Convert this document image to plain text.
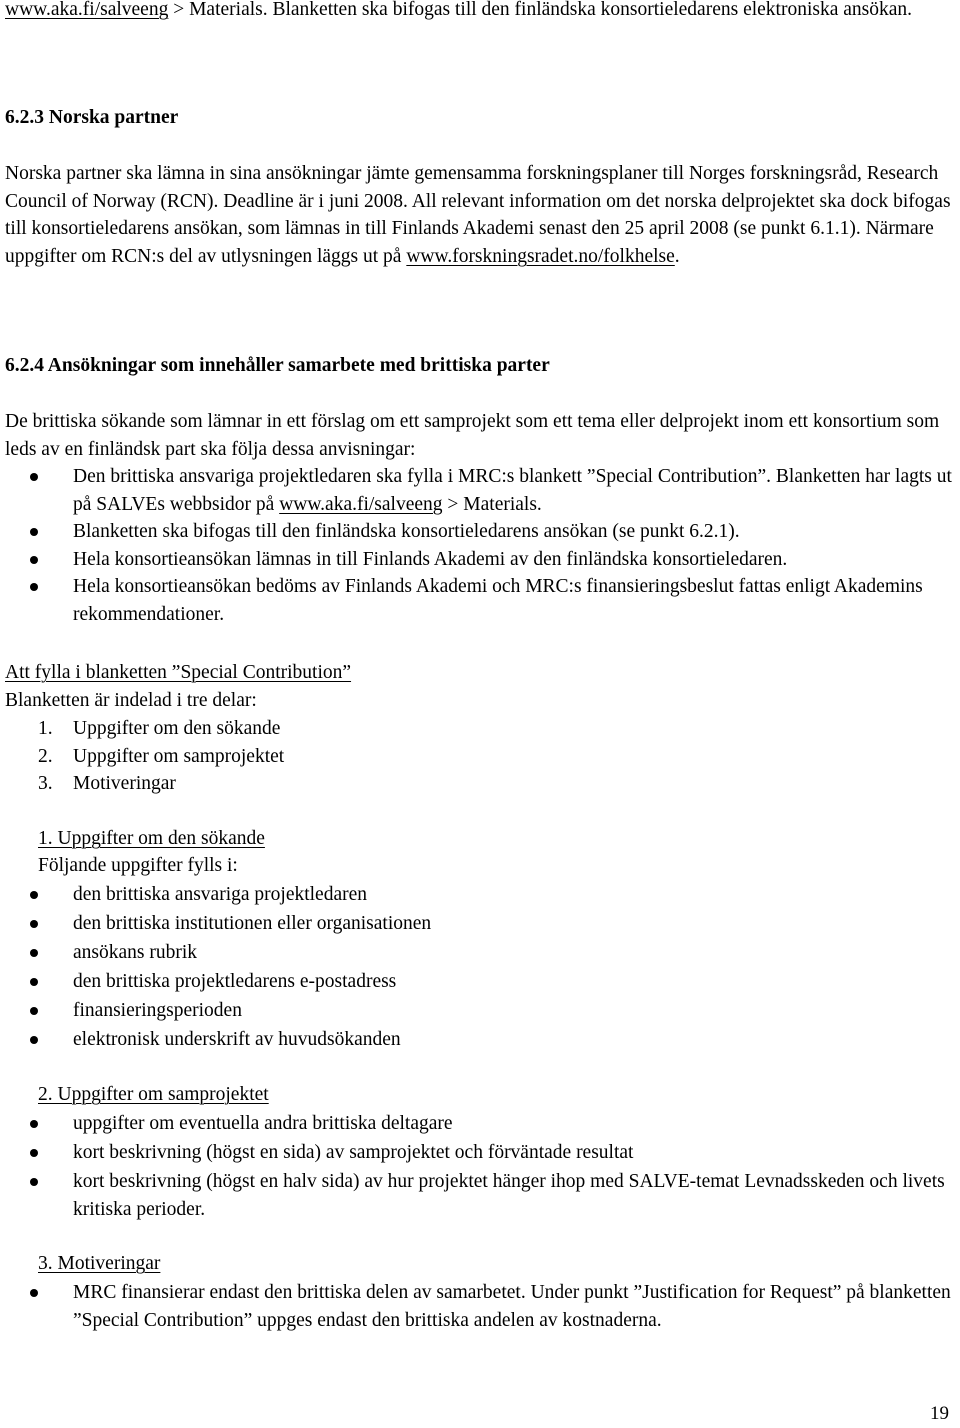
www.aka.fi/salveeng > Materials. Blanketten ska bifogas till den finländska konsortieledarens elektroniska ansökan.

6.2.3 Norska partner

Norska partner ska lämna in sina ansökningar jämte gemensamma forskningsplaner till Norges forskningsråd, Research Council of Norway (RCN). Deadline är i juni 2008. All relevant information om det norska delprojektet ska dock bifogas till konsortieledarens ansökan, som lämnas in till Finlands Akademi senast den 25 april 2008 (se punkt 6.1.1). Närmare uppgifter om RCN:s del av utlysningen läggs ut på www.forskningsradet.no/folkhelse.

6.2.4 Ansökningar som innehåller samarbete med brittiska parter

De brittiska sökande som lämnar in ett förslag om ett samprojekt som ett tema eller delprojekt inom ett konsortium som leds av en finländsk part ska följa dessa anvisningar:

Den brittiska ansvariga projektledaren ska fylla i MRC:s blankett ”Special Contribution”. Blanketten har lagts ut på SALVEs webbsidor på www.aka.fi/salveeng > Materials.
Blanketten ska bifogas till den finländska konsortieledarens ansökan (se punkt 6.2.1).
Hela konsortieansökan lämnas in till Finlands Akademi av den finländska konsortieledaren.
Hela konsortieansökan bedöms av Finlands Akademi och MRC:s finansieringsbeslut fattas enligt Akademins rekommendationer.

Att fylla i blanketten ”Special Contribution”

Blanketten är indelad i tre delar:

1. Uppgifter om den sökande
2. Uppgifter om samprojektet
3. Motiveringar

1. Uppgifter om den sökande

Följande uppgifter fylls i:

den brittiska ansvariga projektledaren
den brittiska institutionen eller organisationen
ansökans rubrik
den brittiska projektledarens e-postadress
finansieringsperioden
elektronisk underskrift av huvudsökanden

2. Uppgifter om samprojektet

uppgifter om eventuella andra brittiska deltagare
kort beskrivning (högst en sida) av samprojektet och förväntade resultat
kort beskrivning (högst en halv sida) av hur projektet hänger ihop med SALVE-temat Levnadsskeden och livets kritiska perioder.

3. Motiveringar

MRC finansierar endast den brittiska delen av samarbetet. Under punkt ”Justification for Request” på blanketten ”Special Contribution” uppges endast den brittiska andelen av kostnaderna.
19
